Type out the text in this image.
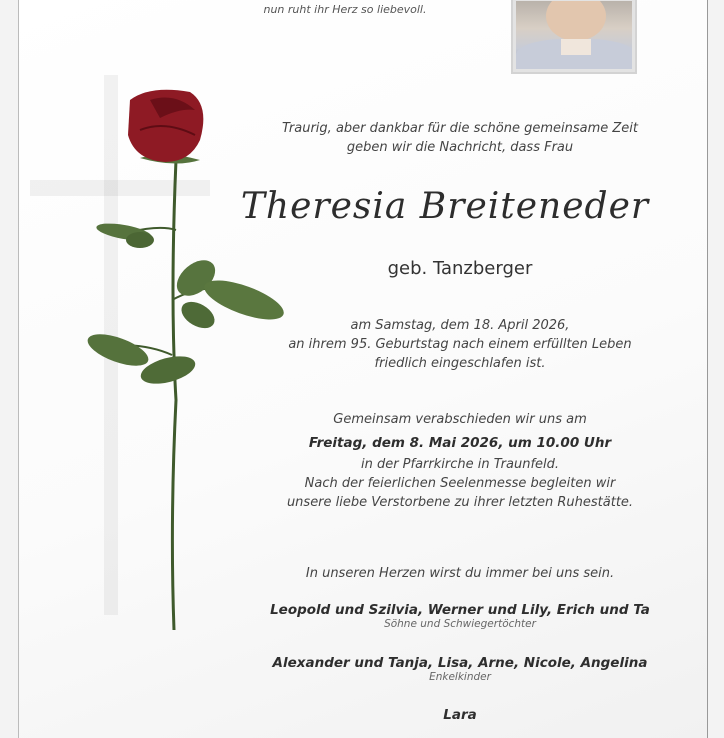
nun ruht ihr Herz so liebevoll.
Traurig, aber dankbar für die schöne gemeinsame Zeit
geben wir die Nachricht, dass Frau
Theresia Breiteneder
geb. Tanzberger
am Samstag, dem 18. April 2026,
an ihrem 95. Geburtstag nach einem erfüllten Leben
friedlich eingeschlafen ist.
Gemeinsam verabschieden wir uns am
Freitag, dem 8. Mai 2026, um 10.00 Uhr
in der Pfarrkirche in Traunfeld.
Nach der feierlichen Seelenmesse begleiten wir
unsere liebe Verstorbene zu ihrer letzten Ruhestätte.
In unseren Herzen wirst du immer bei uns sein.
Leopold und Szilvia, Werner und Lily, Erich und Ta
Söhne und Schwiegertöchter
Alexander und Tanja, Lisa, Arne, Nicole, Angelina
Enkelkinder
Lara
